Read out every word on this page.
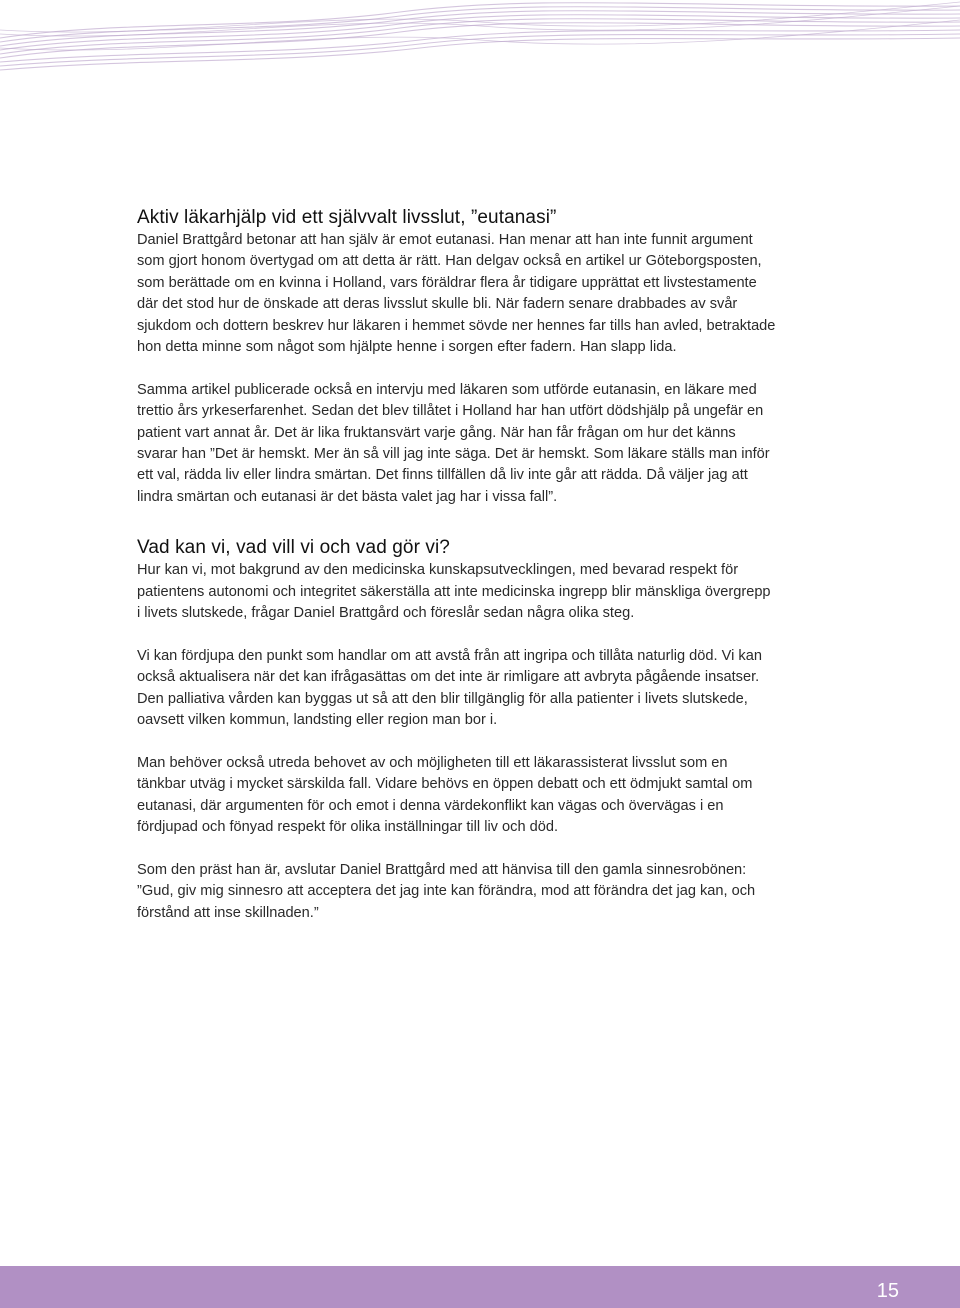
Aktiv läkarhjälp vid ett självvalt livsslut, ”eutanasi”

Daniel Brattgård betonar att han själv är emot eutanasi. Han menar att han inte funnit argument som gjort honom övertygad om att detta är rätt. Han delgav också en artikel ur Göteborgsposten, som berättade om en kvinna i Holland, vars föräldrar flera år tidigare upprättat ett livstestamente där det stod hur de önskade att deras livsslut skulle bli. När fadern senare drabbades av svår sjukdom och dottern beskrev hur läkaren i hemmet sövde ner hennes far tills han avled, betraktade hon detta minne som något som hjälpte henne i sorgen efter fadern. Han slapp lida.

Samma artikel publicerade också en intervju med läkaren som utförde eutanasin, en läkare med trettio års yrkeserfarenhet. Sedan det blev tillåtet i Holland har han utfört dödshjälp på ungefär en patient vart annat år. Det är lika fruktansvärt varje gång. När han får frågan om hur det känns svarar han ”Det är hemskt. Mer än så vill jag inte säga. Det är hemskt. Som läkare ställs man inför ett val, rädda liv eller lindra smärtan. Det finns tillfällen då liv inte går att rädda. Då väljer jag att lindra smärtan och eutanasi är det bästa valet jag har i vissa fall”.

Vad kan vi, vad vill vi och vad gör vi?

Hur kan vi, mot bakgrund av den medicinska kunskapsutvecklingen, med bevarad respekt för patientens autonomi och integritet säkerställa att inte medicinska ingrepp blir mänskliga övergrepp i livets slutskede, frågar Daniel Brattgård och föreslår sedan några olika steg.

Vi kan fördjupa den punkt som handlar om att avstå från att ingripa och tillåta naturlig död. Vi kan också aktualisera när det kan ifrågasättas om det inte är rimligare att avbryta pågående insatser. Den palliativa vården kan byggas ut så att den blir tillgänglig för alla patienter i livets slutskede, oavsett vilken kommun, landsting eller region man bor i.

Man behöver också utreda behovet av och möjligheten till ett läkarassisterat livsslut som en tänkbar utväg i mycket särskilda fall. Vidare behövs en öppen debatt och ett ödmjukt samtal om eutanasi, där argumenten för och emot i denna värdekonflikt kan vägas och övervägas i en fördjupad och fönyad respekt för olika inställningar till liv och död.

Som den präst han är, avslutar Daniel Brattgård med att hänvisa till den gamla sinnesrobönen: ”Gud, giv mig sinnesro att acceptera det jag inte kan förändra, mod att förändra det jag kan, och förstånd att inse skillnaden.”

15
